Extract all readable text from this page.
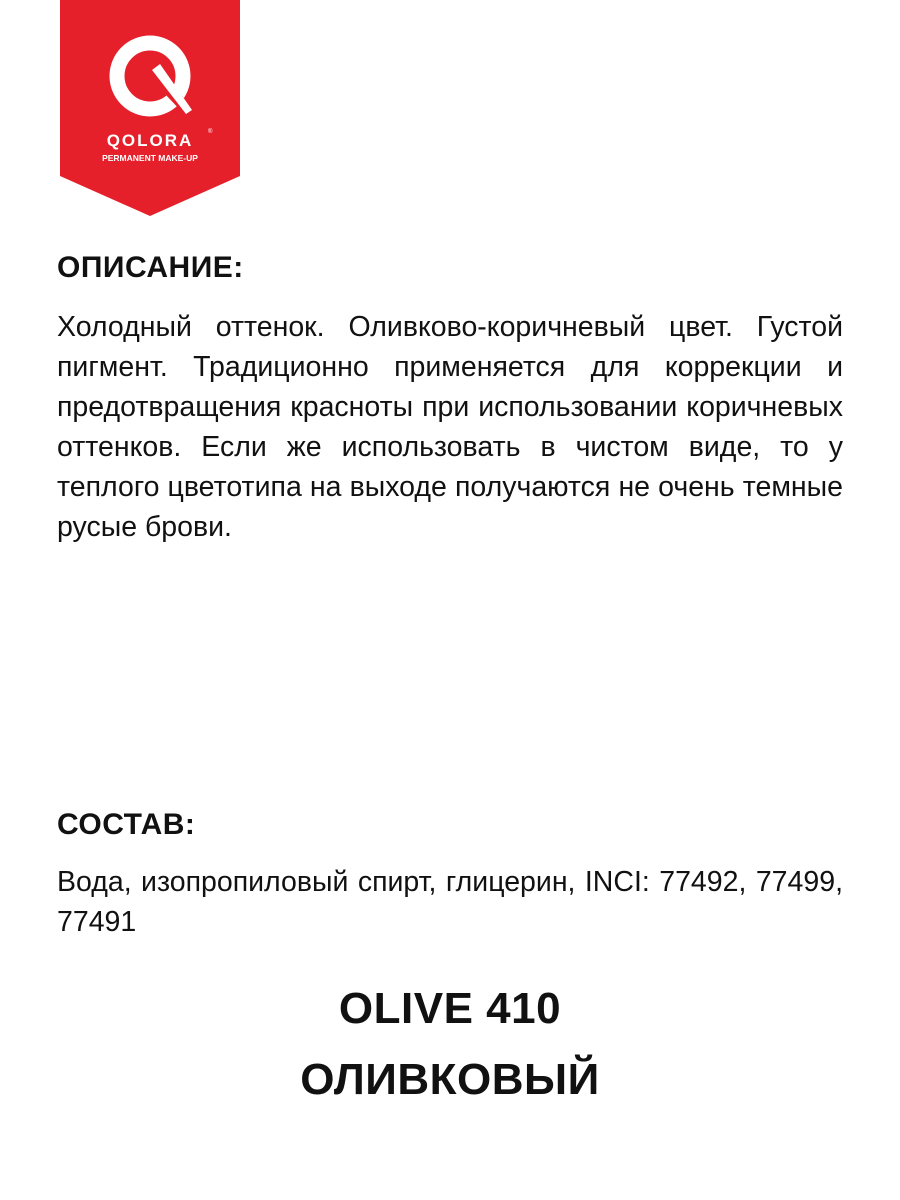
QOLORA ®
PERMANENT MAKE-UP
ОПИСАНИЕ:

Холодный оттенок. Оливково-коричневый цвет. Густой пигмент. Традиционно применяется для коррекции и предотвращения красноты при использовании коричневых оттенков. Если же использовать в чистом виде, то у теплого цветотипа на выходе получаются не очень темные русые брови.

СОСТАВ:

Вода, изопропиловый спирт, глицерин, INCI: 77492, 77499, 77491

OLIVE 410
ОЛИВКОВЫЙ
